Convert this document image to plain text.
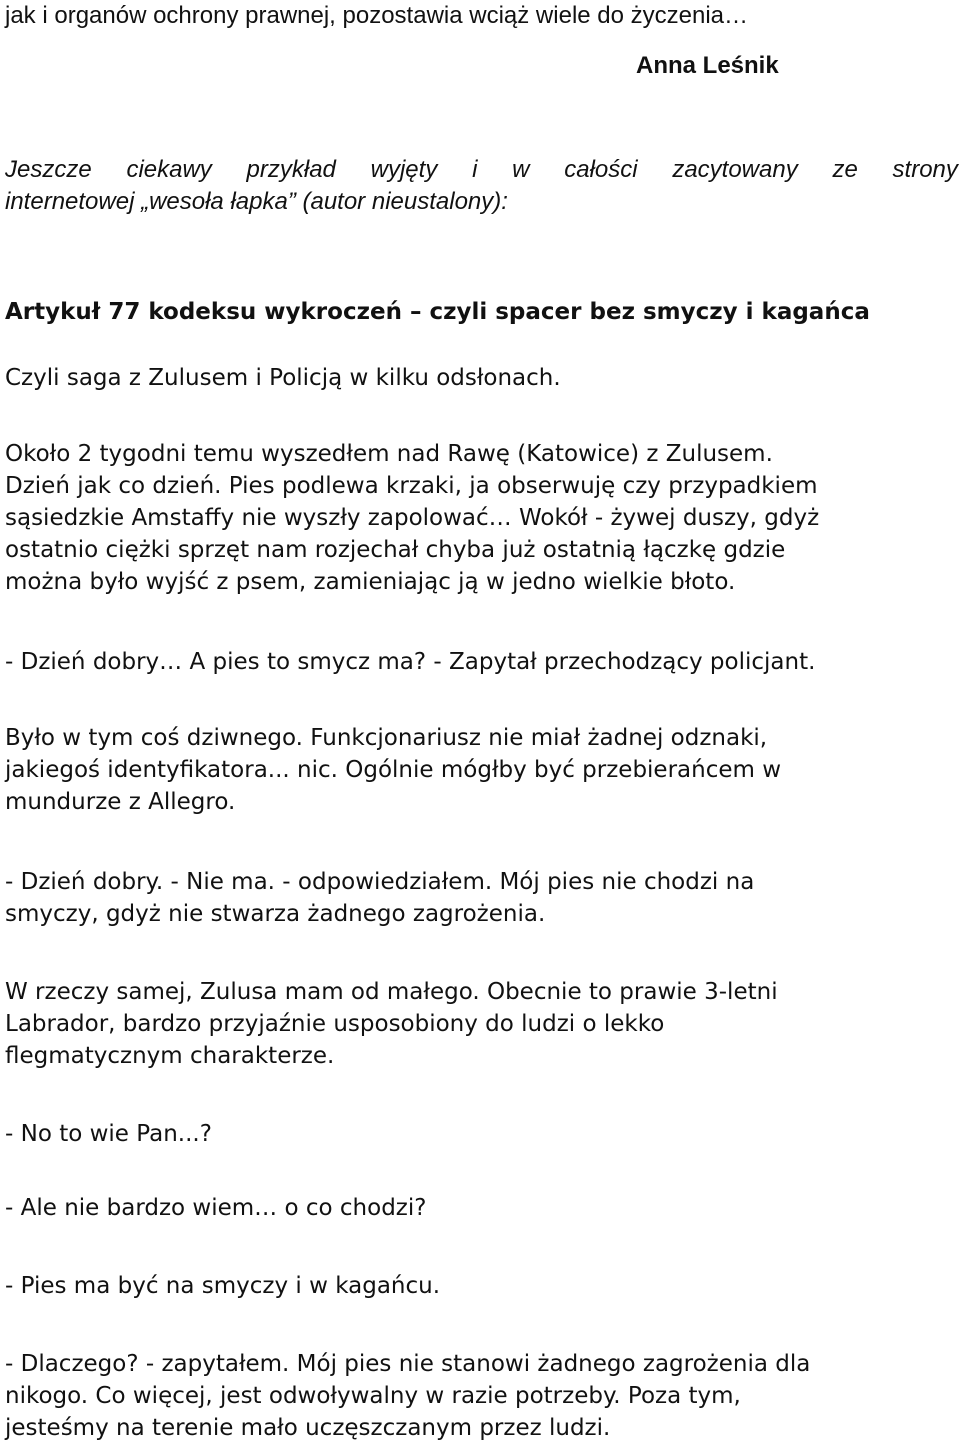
jak i organów ochrony prawnej, pozostawia wciąż wiele do życzenia…
Anna Leśnik
Jeszcze ciekawy przykład wyjęty i w całości zacytowany ze strony
internetowej „wesoła łapka” (autor nieustalony):
Artykuł 77 kodeksu wykroczeń – czyli spacer bez smyczy i kagańca
Czyli saga z Zulusem i Policją w kilku odsłonach.
Około 2 tygodni temu wyszedłem nad Rawę (Katowice) z Zulusem.
Dzień jak co dzień. Pies podlewa krzaki, ja obserwuję czy przypadkiem
sąsiedzkie Amstaffy nie wyszły zapolować… Wokół - żywej duszy, gdyż
ostatnio ciężki sprzęt nam rozjechał chyba już ostatnią łączkę gdzie
można było wyjść z psem, zamieniając ją w jedno wielkie błoto.
- Dzień dobry… A pies to smycz ma? - Zapytał przechodzący policjant.
Było w tym coś dziwnego. Funkcjonariusz nie miał żadnej odznaki,
jakiegoś identyfikatora... nic. Ogólnie mógłby być przebierańcem w
mundurze z Allegro.
- Dzień dobry. - Nie ma. - odpowiedziałem. Mój pies nie chodzi na
smyczy, gdyż nie stwarza żadnego zagrożenia.
W rzeczy samej, Zulusa mam od małego. Obecnie to prawie 3-letni
Labrador, bardzo przyjaźnie usposobiony do ludzi o lekko
flegmatycznym charakterze.
- No to wie Pan...?
- Ale nie bardzo wiem… o co chodzi?
- Pies ma być na smyczy i w kagańcu.
- Dlaczego? - zapytałem. Mój pies nie stanowi żadnego zagrożenia dla
nikogo. Co więcej, jest odwoływalny w razie potrzeby. Poza tym,
jesteśmy na terenie mało uczęszczanym przez ludzi.
